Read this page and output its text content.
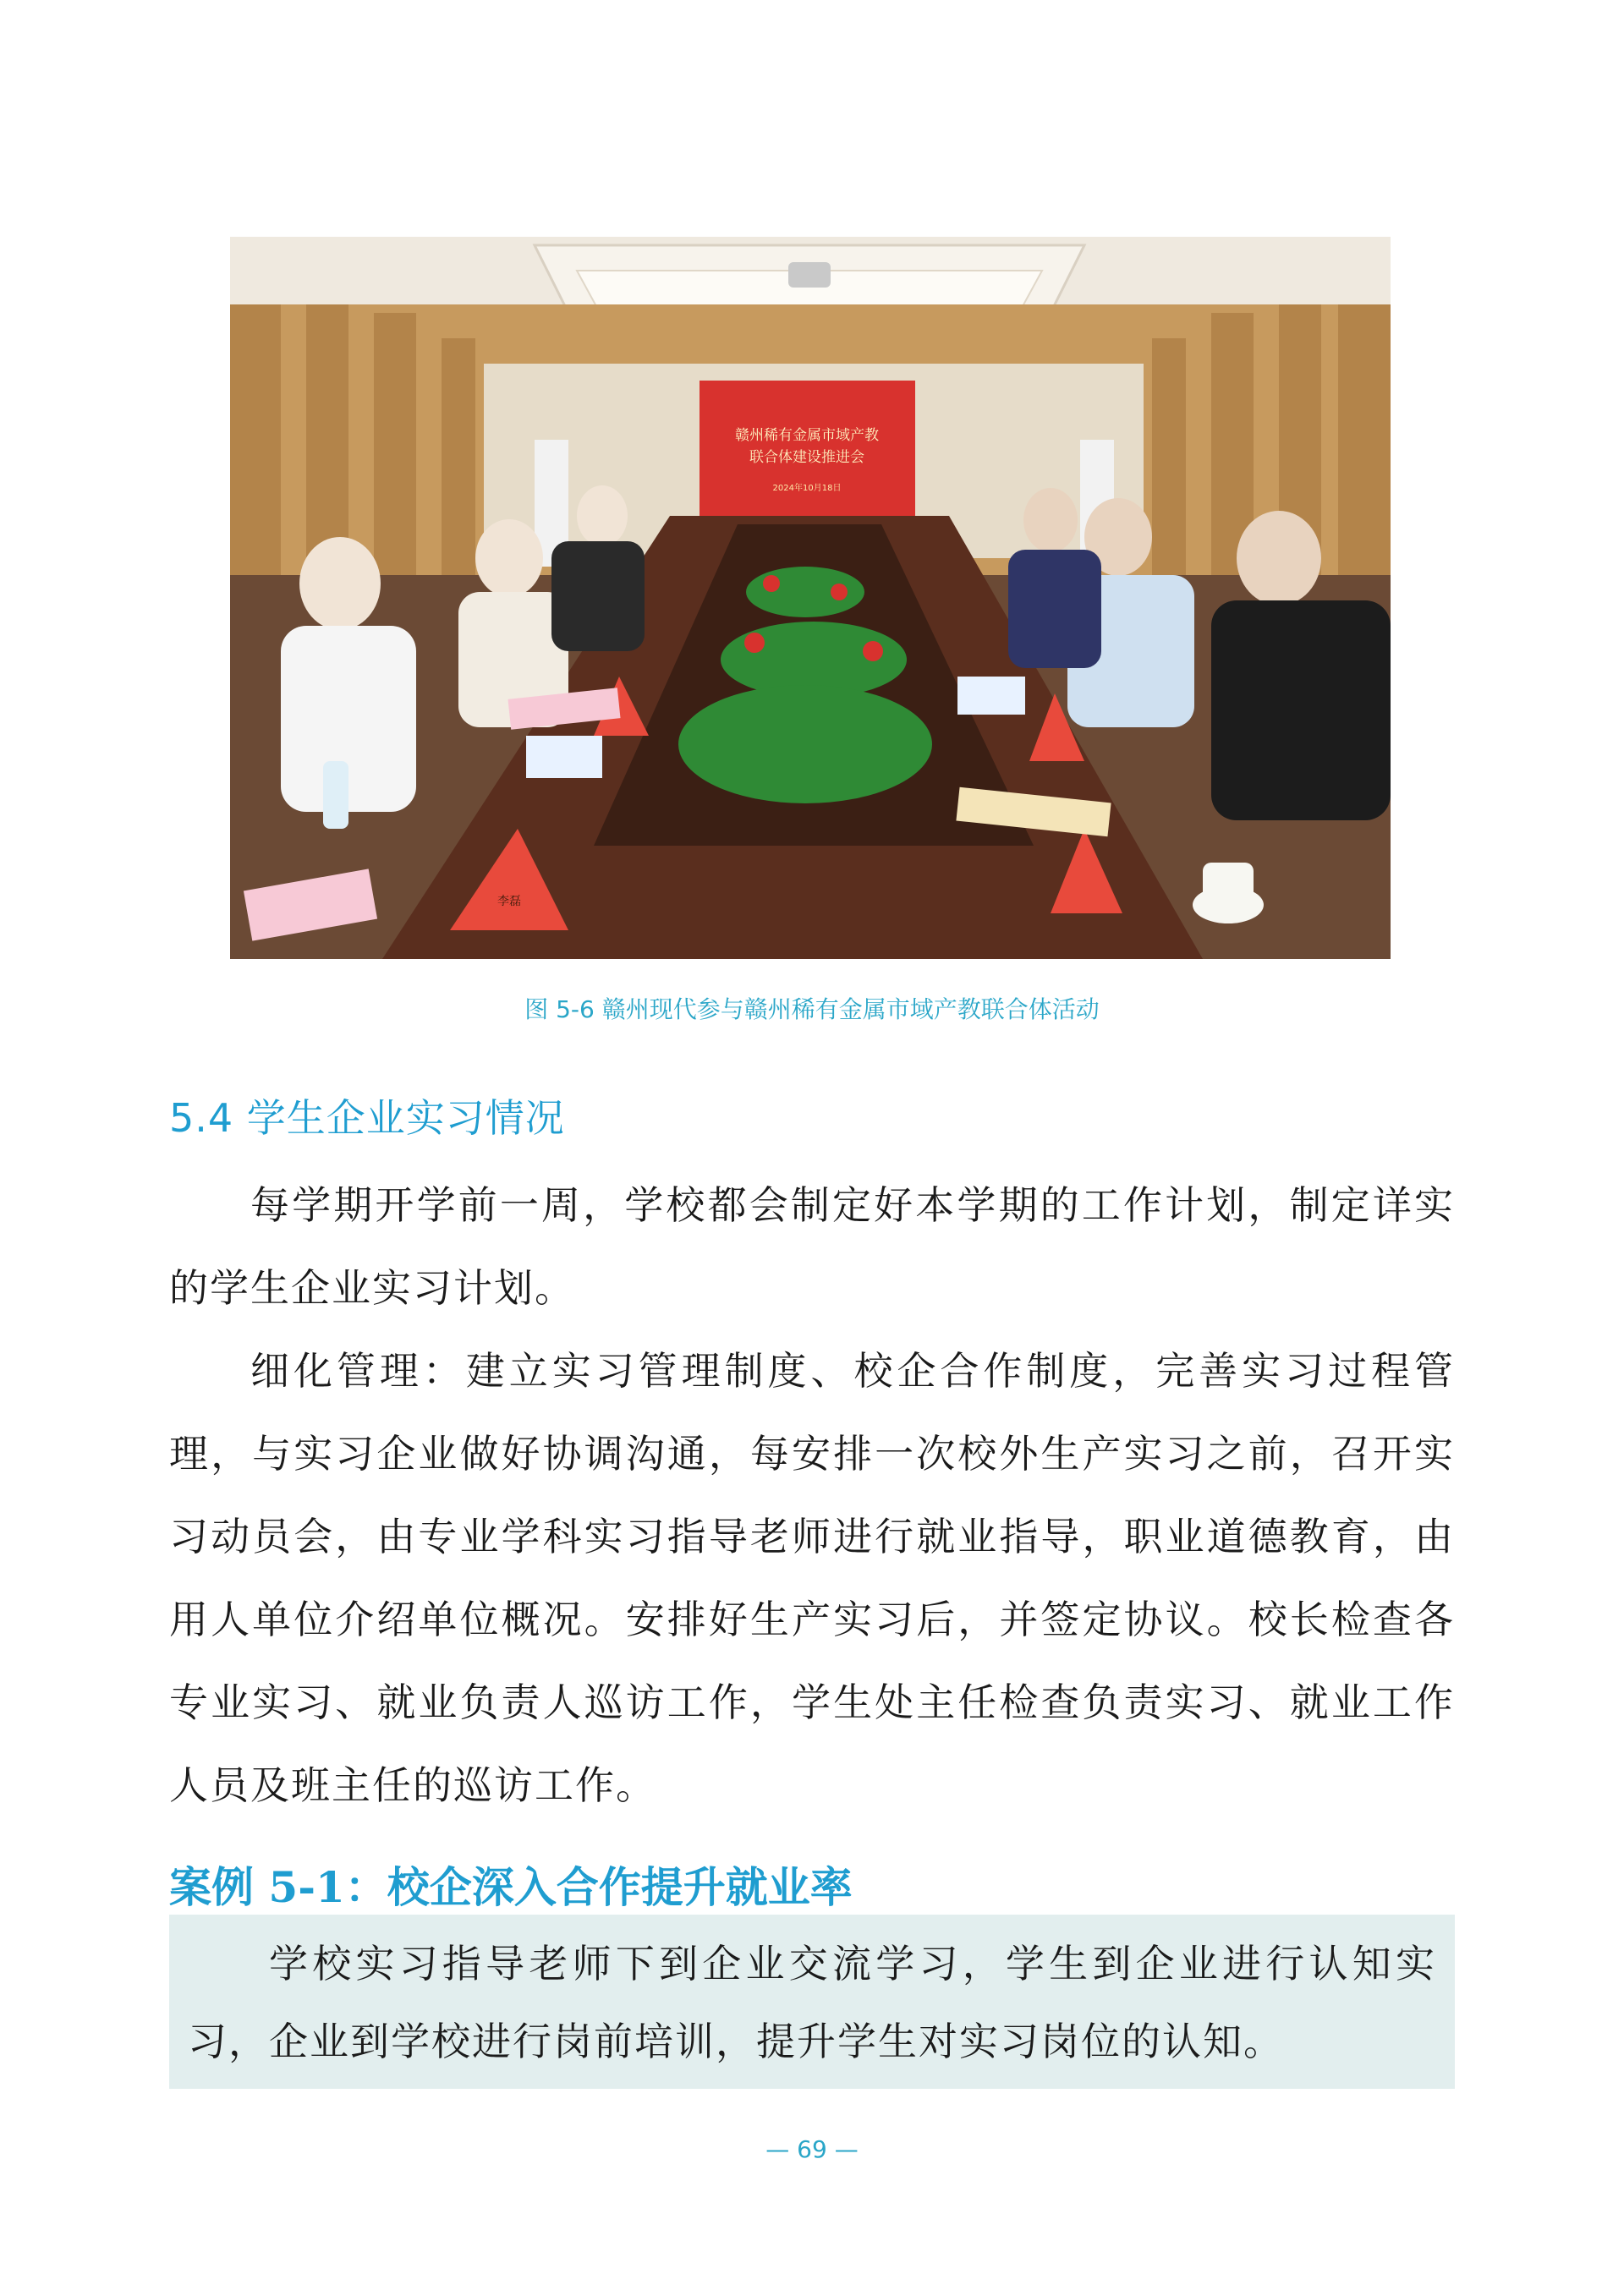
赣州稀有金属市域产教
联合体建设推进会
2024年10月18日
李磊
图 5-6 赣州现代参与赣州稀有金属市域产教联合体活动
5.4 学生企业实习情况
每学期开学前一周，学校都会制定好本学期的工作计划，制定详实的学生企业实习计划。
细化管理：建立实习管理制度、校企合作制度，完善实习过程管理，与实习企业做好协调沟通，每安排一次校外生产实习之前，召开实习动员会，由专业学科实习指导老师进行就业指导，职业道德教育，由用人单位介绍单位概况。安排好生产实习后，并签定协议。校长检查各专业实习、就业负责人巡访工作，学生处主任检查负责实习、就业工作人员及班主任的巡访工作。
案例 5-1：校企深入合作提升就业率
学校实习指导老师下到企业交流学习，学生到企业进行认知实习，企业到学校进行岗前培训，提升学生对实习岗位的认知。
— 69 —
